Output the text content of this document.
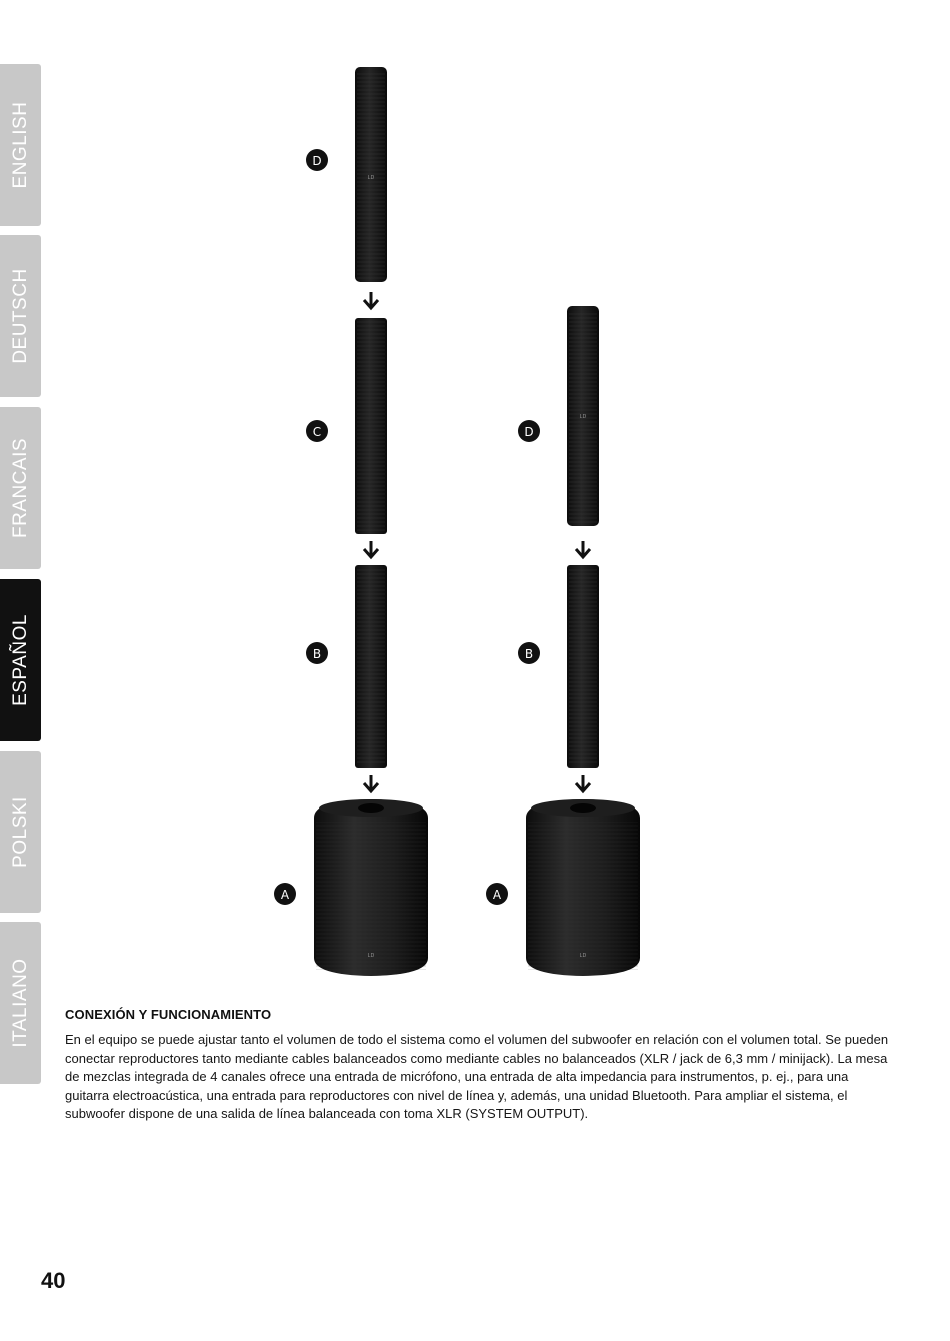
ENGLISH
DEUTSCH
FRANCAIS
ESPAÑOL
POLSKI
ITALIANO
LD
LD
D
C
B
A
LD
LD
D
B
A
CONEXIÓN Y FUNCIONAMIENTO

En el equipo se puede ajustar tanto el volumen de todo el sistema como el volumen del subwoofer en relación con el volumen total. Se pueden conectar reproductores tanto mediante cables balanceados como mediante cables no balanceados (XLR / jack de 6,3 mm / minijack). La mesa de mezclas integrada de 4 canales ofrece una entrada de micrófono, una entrada de alta impedancia para instrumentos, p. ej., para una guitarra electroacústica, una entrada para reproductores con nivel de línea y, además, una unidad Bluetooth. Para ampliar el sistema, el subwoofer dispone de una salida de línea balanceada con toma XLR (SYSTEM OUTPUT).

40
